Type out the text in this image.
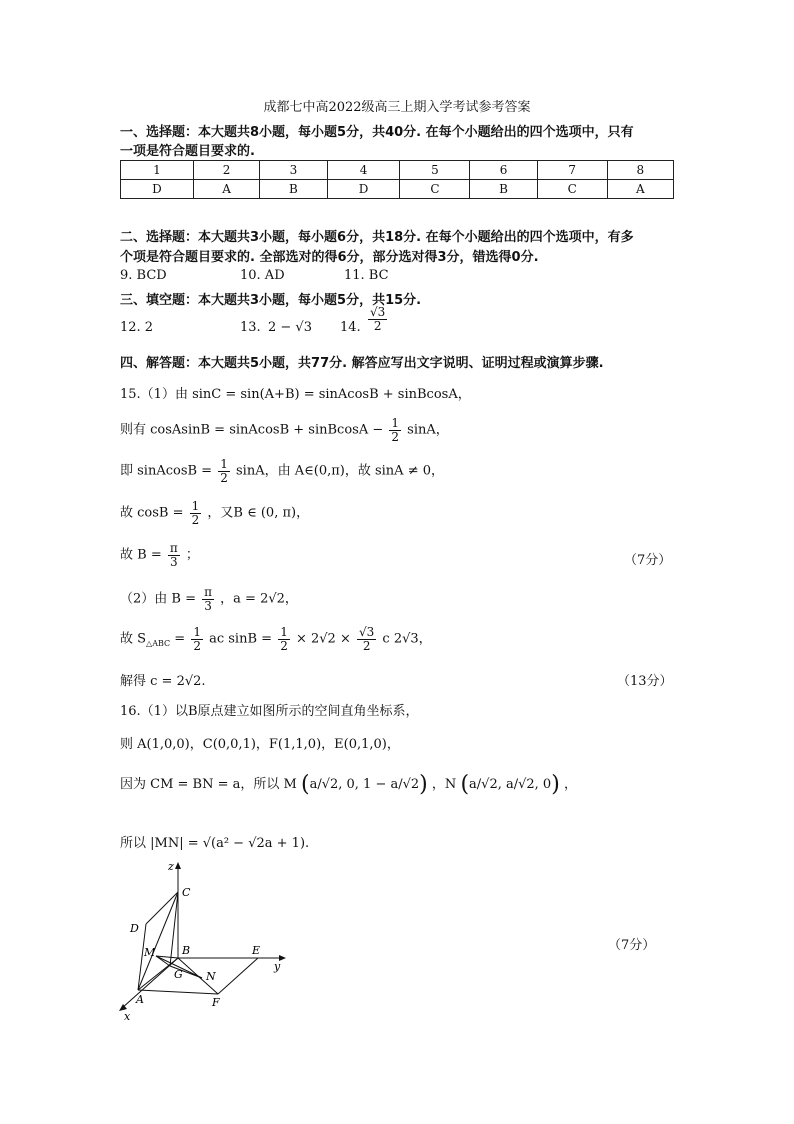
成都七中高2022级高三上期入学考试参考答案
一、选择题：本大题共8小题，每小题5分，共40分. 在每个小题给出的四个选项中，只有
一项是符合题目要求的.
1	2	3	4	5	6	7	8
D	A	B	D	C	B	C	A
二、选择题：本大题共3小题，每小题6分，共18分. 在每个小题给出的四个选项中，有多
个项是符合题目要求的. 全部选对的得6分，部分选对得3分，错选得0分.
9. BCD	10. AD	11. BC
三、填空题：本大题共3小题，每小题5分，共15分.
12. 2	13. 2 − √3 14. $\frac{√3}{2}$
四、解答题：本大题共5小题，共77分. 解答应写出文字说明、证明过程或演算步骤.
15.（1）由 sinC = sin(A+B) = sinAcosB + sinBcosA，
则有 cosAsinB = sinAcosB + sinBcosA − $\frac{1}{2}$ sinA，
即 sinAcosB = $\frac{1}{2}$ sinA，由 A∈(0,π)，故 sinA ≠ 0，
故 $\cos B = \frac{1}{2}$ ，又B ∈ (0, π)，
故 $B = \frac{\pi}{3}$ ；	（7分）
（2）由 $B = \frac{\pi}{3}$ ，a = 2√2，
故 $S_{\triangle ABC} = \frac{1}{2}$ ac $\sin B = \frac{1}{2} \times 2√2 \times \frac{√3}{2}$ c 2√3，
解得 c = 2√2.	（13分）
16.（1）以B原点建立如图所示的空间直角坐标系，
则 A(1,0,0)，C(0,0,1)，F(1,1,0)，E(0,1,0)，
因为 CM = BN = a，所以 M (a/√2, 0, 1 − a/√2) ，N (a/√2, a/√2, 0) ，
所以 |MN| = √(a² − √2a + 1).
z
C
D
M B	E
y
G N
A	F
x
（7分）
